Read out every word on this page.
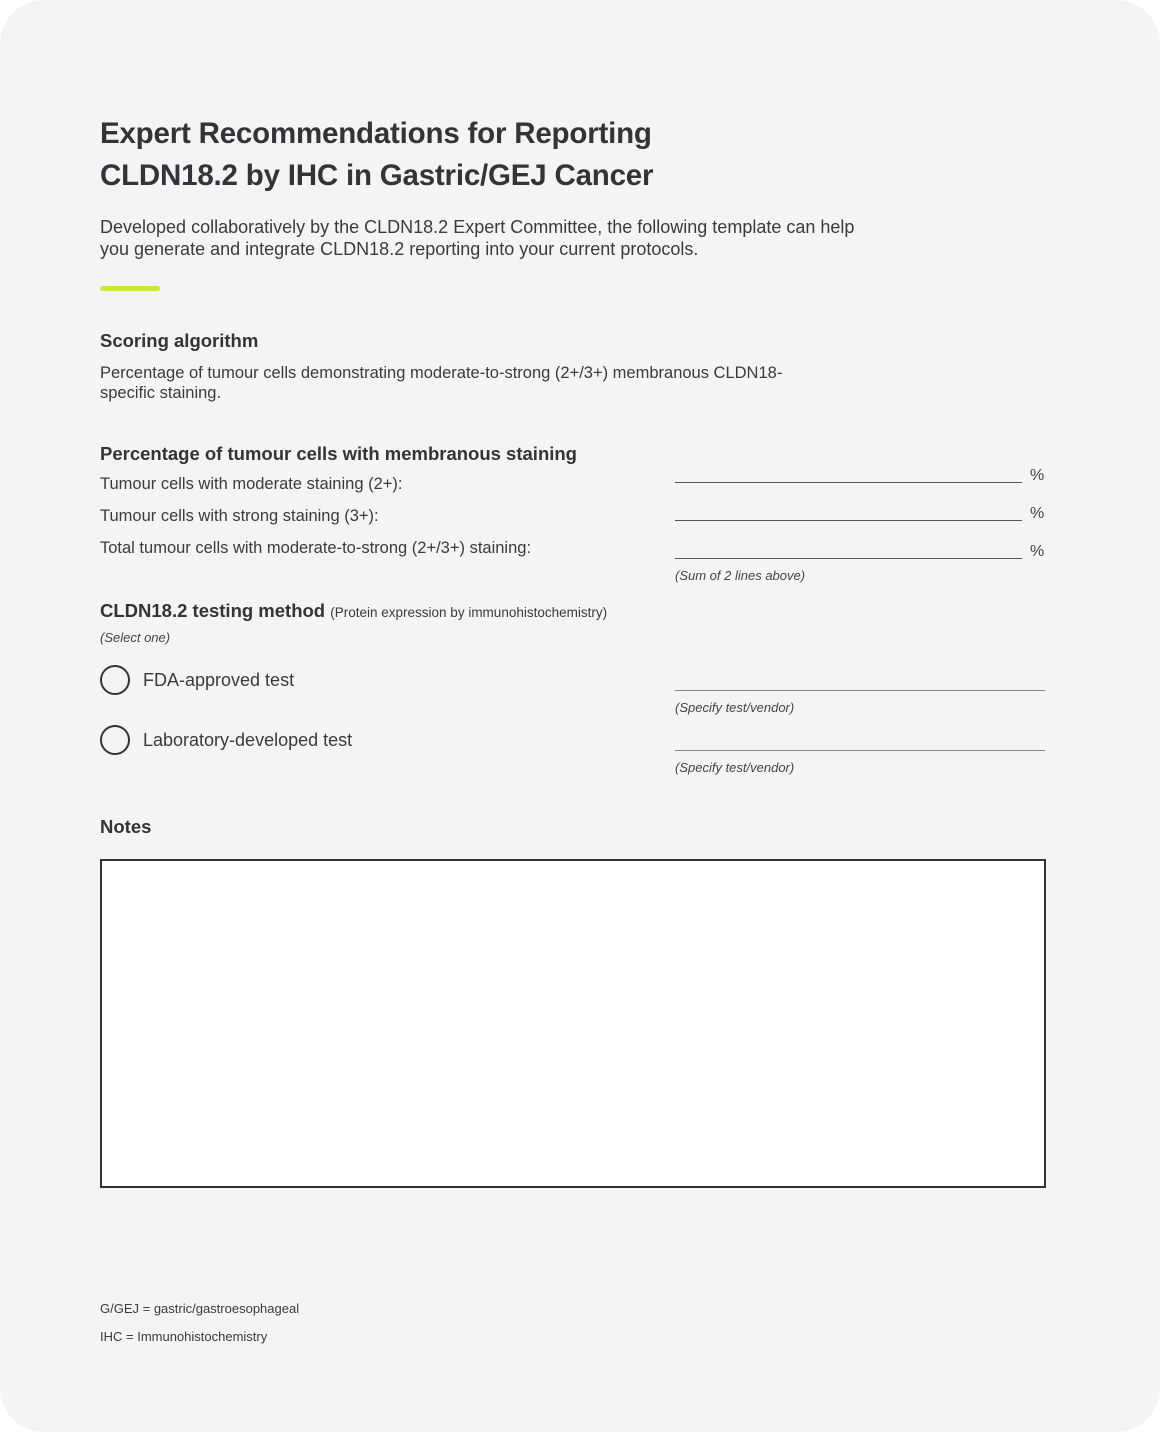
Expert Recommendations for Reporting
CLDN18.2 by IHC in Gastric/GEJ Cancer

Developed collaboratively by the CLDN18.2 Expert Committee, the following template can help
you generate and integrate CLDN18.2 reporting into your current protocols.

Scoring algorithm

Percentage of tumour cells demonstrating moderate-to-strong (2+/3+) membranous CLDN18-
specific staining.

Percentage of tumour cells with membranous staining
Tumour cells with moderate staining (2+):	%
Tumour cells with strong staining (3+):	%
Total tumour cells with moderate-to-strong (2+/3+) staining:	%
(Sum of 2 lines above)
CLDN18.2 testing method (Protein expression by immunohistochemistry)
(Select one)
FDA-approved test
(Specify test/vendor)
Laboratory-developed test
(Specify test/vendor)
Notes
G/GEJ = gastric/gastroesophageal
IHC = Immunohistochemistry
